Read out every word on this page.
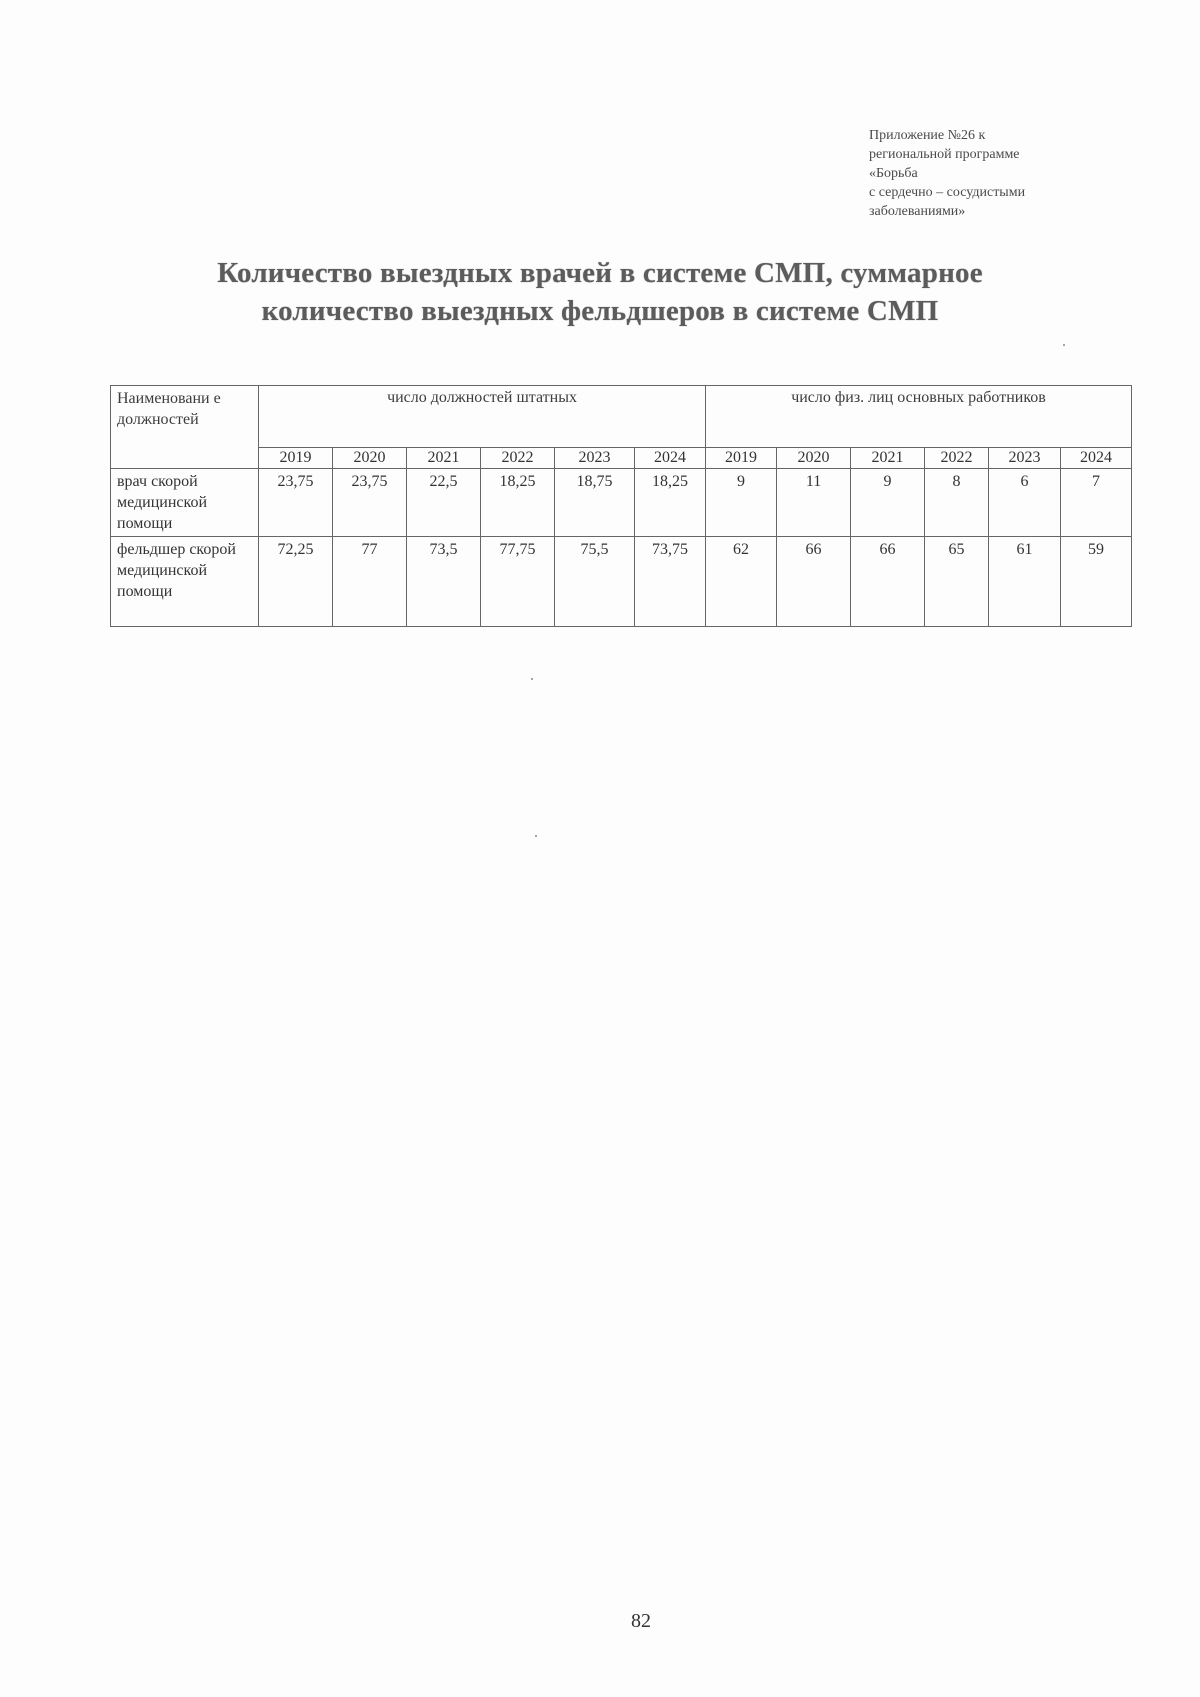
Приложение №26 к
региональной программе
«Борьба
с сердечно – сосудистыми
заболеваниями»
Количество выездных врачей в системе СМП, суммарное
количество выездных фельдшеров в системе СМП
Наименовани е должностей	число должностей штатных						число физ. лиц основных работников					
	2019	2020	2021	2022	2023	2024	2019	2020	2021	2022	2023	2024
врач скорой медицинской помощи	23,75	23,75	22,5	18,25	18,75	18,25	9	11	9	8	6	7
фельдшер скорой медицинской помощи	72,25	77	73,5	77,75	75,5	73,75	62	66	66	65	61	59
82
